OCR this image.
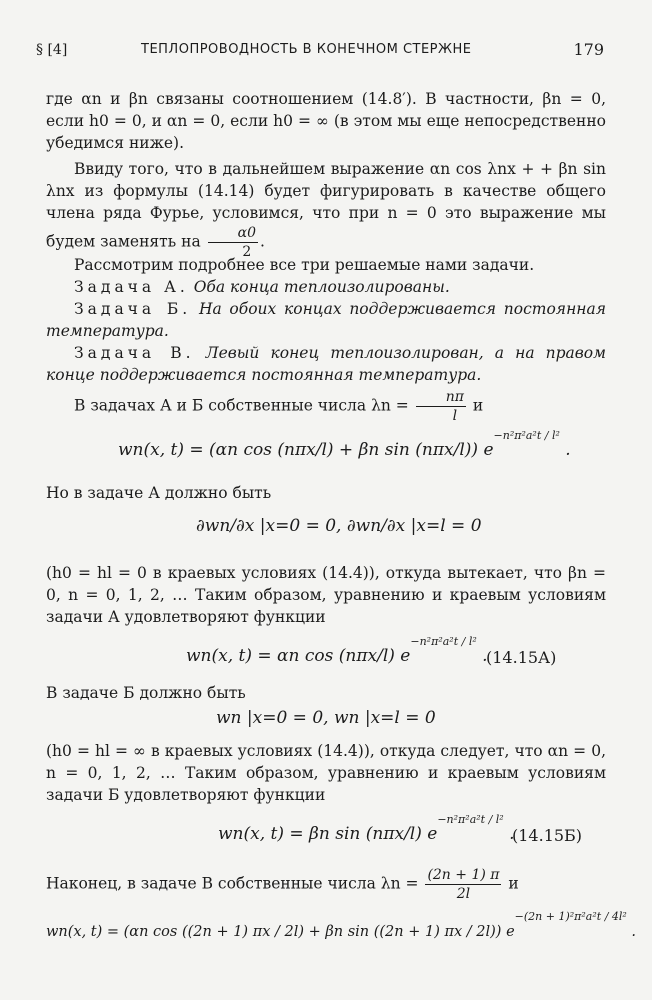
§ [4]	ТЕПЛОПРОВОДНОСТЬ В КОНЕЧНОМ СТЕРЖНЕ	179

где αn и βn связаны соотношением (14.8′). В частности, βn = 0, если h0 = 0, и αn = 0, если h0 = ∞ (в этом мы еще непосредственно убедимся ниже).

Ввиду того, что в дальнейшем выражение αn cos λnx + + βn sin λnx из формулы (14.14) будет фигурировать в качестве общего члена ряда Фурье, условимся, что при n = 0 это выражение мы будем заменять на $\frac{\alpha 0}{2}$ .

Рассмотрим подробнее все три решаемые нами задачи.

Задача А. Оба конца теплоизолированы.

Задача Б. На обоих концах поддерживается постоянная температура.

Задача В. Левый конец теплоизолирован, а на правом конце поддерживается постоянная температура.

В задачах А и Б собственные числа $\lambda n = \frac{n\pi}{l}$ и

wn(x, t) = (αn cos (nπx/l) + βn sin (nπx/l)) $e^{-n^2\pi^2a^2t / l^2}$ .

Но в задаче А должно быть

∂wn/∂x |x=0 = 0, ∂wn/∂x |x=l = 0

(h0 = hl = 0 в краевых условиях (14.4)), откуда вытекает, что βn = 0, n = 0, 1, 2, … Таким образом, уравнению и краевым условиям задачи А удовлетворяют функции

wn(x, t) = αn cos (nπx/l) $e^{-n^2\pi^2a^2t / l^2}$ .
(14.15А)

В задаче Б должно быть

wn |x=0 = 0, wn |x=l = 0

(h0 = hl = ∞ в краевых условиях (14.4)), откуда следует, что αn = 0, n = 0, 1, 2, … Таким образом, уравнению и краевым условиям задачи Б удовлетворяют функции

wn(x, t) = βn sin (nπx/l) $e^{-n^2\pi^2a^2t / l^2}$ .
(14.15Б)

Наконец, в задаче В собственные числа $\lambda n = \frac{(2n + 1) \pi}{2l}$ и

wn(x, t) = (αn cos ((2n + 1) πx / 2l) + βn sin ((2n + 1) πx / 2l)) $e^{-(2n + 1)^2\pi^2a^2t / 4l^2}$ .
